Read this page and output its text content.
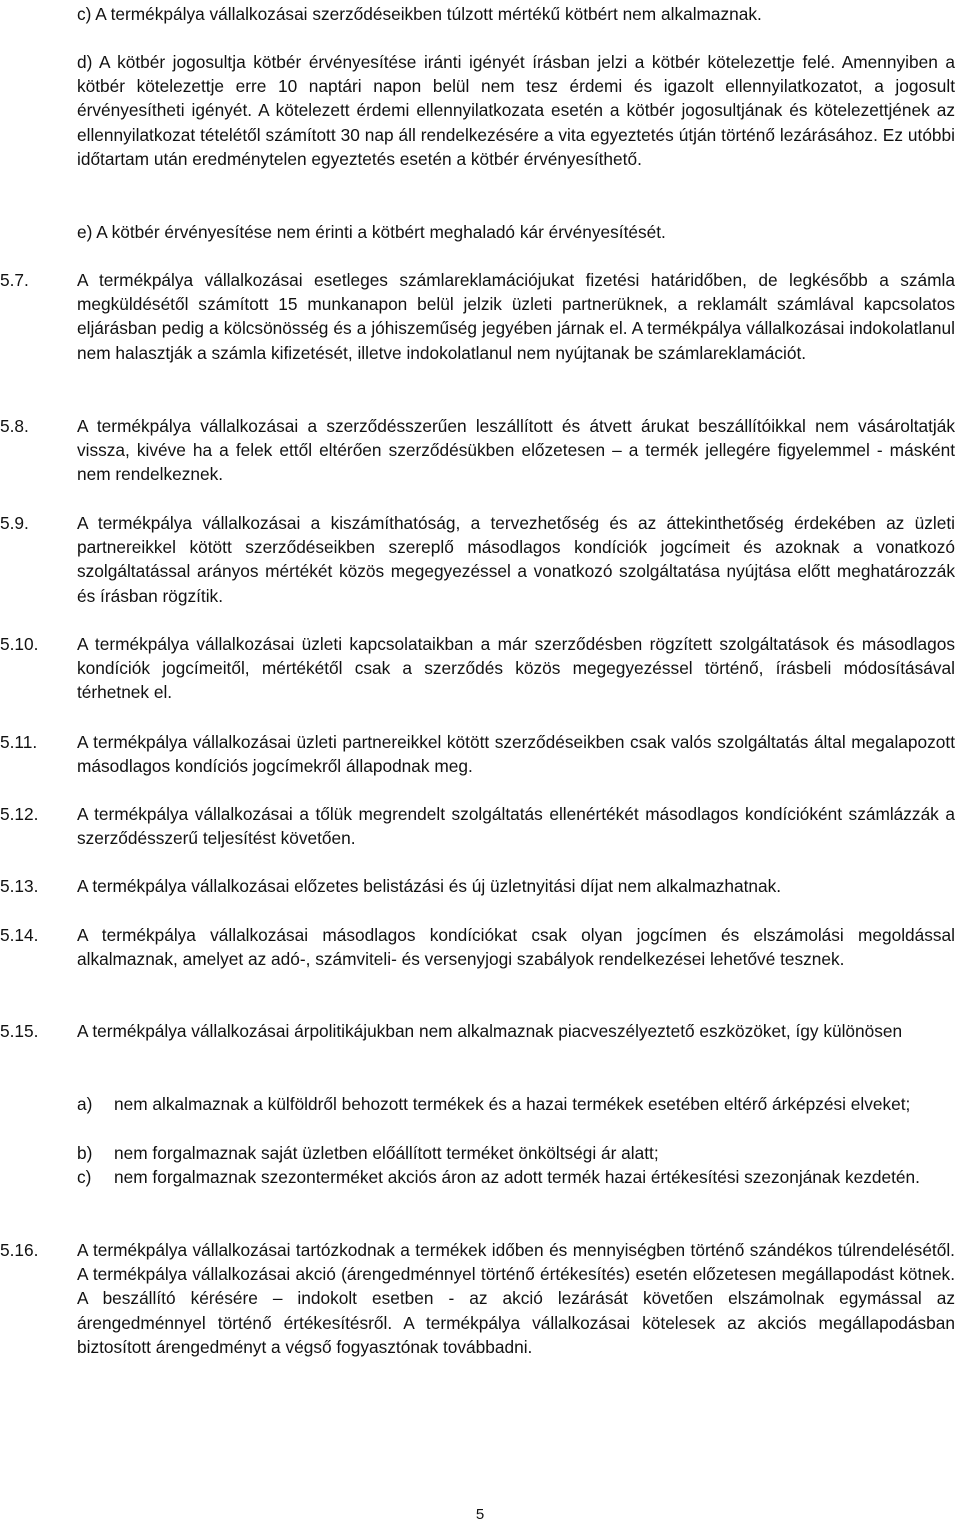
c) A termékpálya vállalkozásai szerződéseikben túlzott mértékű kötbért nem alkalmaznak.

d) A kötbér jogosultja kötbér érvényesítése iránti igényét írásban jelzi a kötbér kötelezettje felé. Amennyiben a kötbér kötelezettje erre 10 naptári napon belül nem tesz érdemi és igazolt ellennyilatkozatot, a jogosult érvényesítheti igényét. A kötelezett érdemi ellennyilatkozata esetén a kötbér jogosultjának és kötelezettjének az ellennyilatkozat tételétől számított 30 nap áll rendelkezésére a vita egyeztetés útján történő lezárásához. Ez utóbbi időtartam után eredménytelen egyeztetés esetén a kötbér érvényesíthető.

e) A kötbér érvényesítése nem érinti a kötbért meghaladó kár érvényesítését.

5.7.	A termékpálya vállalkozásai esetleges számlareklamációjukat fizetési határidőben, de legkésőbb a számla megküldésétől számított 15 munkanapon belül jelzik üzleti partnerüknek, a reklamált számlával kapcsolatos eljárásban pedig a kölcsönösség és a jóhiszeműség jegyében járnak el. A termékpálya vállalkozásai indokolatlanul nem halasztják a számla kifizetését, illetve indokolatlanul nem nyújtanak be számlareklamációt.

5.8.	A termékpálya vállalkozásai a szerződésszerűen leszállított és átvett árukat beszállítóikkal nem vásároltatják vissza, kivéve ha a felek ettől eltérően szerződésükben előzetesen – a termék jellegére figyelemmel - másként nem rendelkeznek.

5.9.	A termékpálya vállalkozásai a kiszámíthatóság, a tervezhetőség és az áttekinthetőség érdekében az üzleti partnereikkel kötött szerződéseikben szereplő másodlagos kondíciók jogcímeit és azoknak a vonatkozó szolgáltatással arányos mértékét közös megegyezéssel a vonatkozó szolgáltatása nyújtása előtt meghatározzák és írásban rögzítik.

5.10. A termékpálya vállalkozásai üzleti kapcsolataikban a már szerződésben rögzített szolgáltatások és másodlagos kondíciók jogcímeitől, mértékétől csak a szerződés közös megegyezéssel történő, írásbeli módosításával térhetnek el.

5.11. A termékpálya vállalkozásai üzleti partnereikkel kötött szerződéseikben csak valós szolgáltatás által megalapozott másodlagos kondíciós jogcímekről állapodnak meg.

5.12. A termékpálya vállalkozásai a tőlük megrendelt szolgáltatás ellenértékét másodlagos kondícióként számlázzák a szerződésszerű teljesítést követően.

5.13. A termékpálya vállalkozásai előzetes belistázási és új üzletnyitási díjat nem alkalmazhatnak.

5.14. A termékpálya vállalkozásai másodlagos kondíciókat csak olyan jogcímen és elszámolási megoldással alkalmaznak, amelyet az adó-, számviteli- és versenyjogi szabályok rendelkezései lehetővé tesznek.

5.15. A termékpálya vállalkozásai árpolitikájukban nem alkalmaznak piacveszélyeztető eszközöket, így különösen

a) nem alkalmaznak a külföldről behozott termékek és a hazai termékek esetében eltérő árképzési elveket;

b) nem forgalmaznak saját üzletben előállított terméket önköltségi ár alatt;

c) nem forgalmaznak szezonterméket akciós áron az adott termék hazai értékesítési szezonjának kezdetén.

5.16. A termékpálya vállalkozásai tartózkodnak a termékek időben és mennyiségben történő szándékos túlrendelésétől. A termékpálya vállalkozásai akció (árengedménnyel történő értékesítés) esetén előzetesen megállapodást kötnek. A beszállító kérésére – indokolt esetben - az akció lezárását követően elszámolnak egymással az árengedménnyel történő értékesítésről. A termékpálya vállalkozásai kötelesek az akciós megállapodásban biztosított árengedményt a végső fogyasztónak továbbadni.

5
